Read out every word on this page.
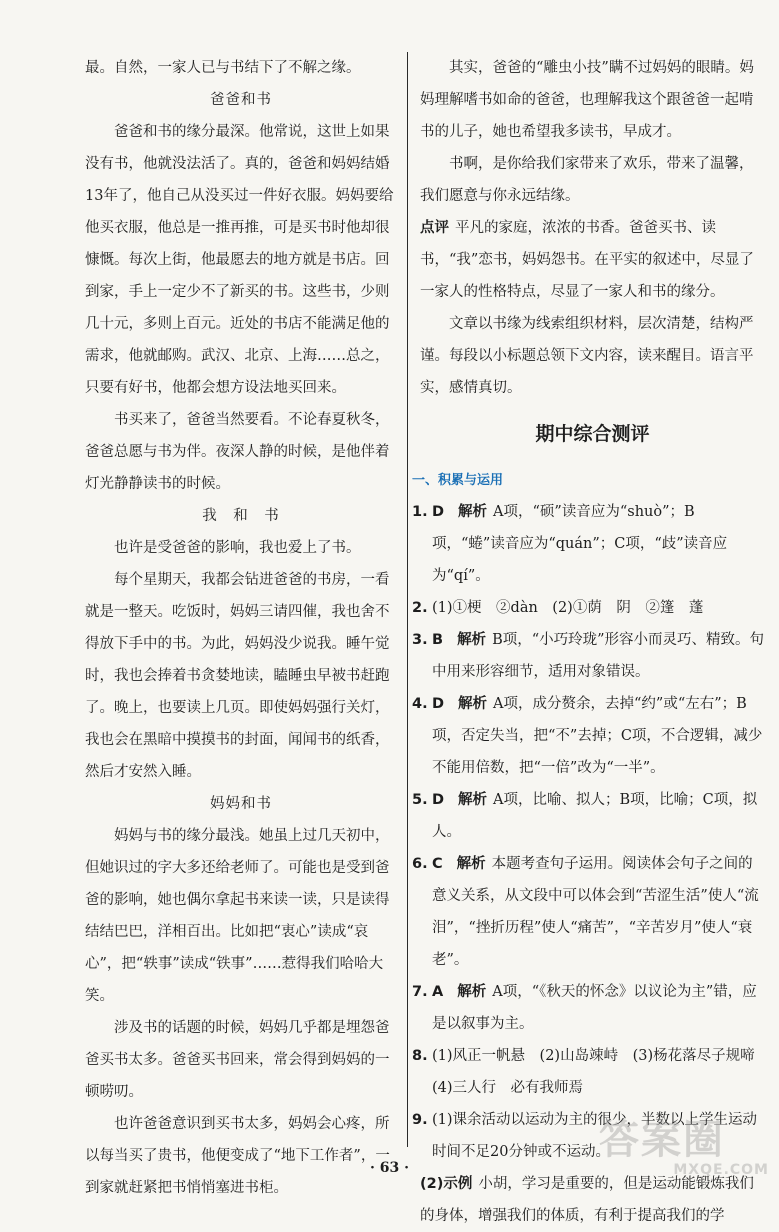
最。自然，一家人已与书结下了不解之缘。

爸爸和书

爸爸和书的缘分最深。他常说，这世上如果没有书，他就没法活了。真的，爸爸和妈妈结婚13年了，他自己从没买过一件好衣服。妈妈要给他买衣服，他总是一推再推，可是买书时他却很慷慨。每次上街，他最愿去的地方就是书店。回到家，手上一定少不了新买的书。这些书，少则几十元，多则上百元。近处的书店不能满足他的需求，他就邮购。武汉、北京、上海……总之，只要有好书，他都会想方设法地买回来。

书买来了，爸爸当然要看。不论春夏秋冬，爸爸总愿与书为伴。夜深人静的时候，是他伴着灯光静静读书的时候。

我　和　书

也许是受爸爸的影响，我也爱上了书。

每个星期天，我都会钻进爸爸的书房，一看就是一整天。吃饭时，妈妈三请四催，我也舍不得放下手中的书。为此，妈妈没少说我。睡午觉时，我也会捧着书贪婪地读，瞌睡虫早被书赶跑了。晚上，也要读上几页。即使妈妈强行关灯，我也会在黑暗中摸摸书的封面，闻闻书的纸香，然后才安然入睡。

妈妈和书

妈妈与书的缘分最浅。她虽上过几天初中，但她识过的字大多还给老师了。可能也是受到爸爸的影响，她也偶尔拿起书来读一读，只是读得结结巴巴，洋相百出。比如把“衷心”读成“哀心”，把“轶事”读成“铁事”……惹得我们哈哈大笑。

涉及书的话题的时候，妈妈几乎都是埋怨爸爸买书太多。爸爸买书回来，常会得到妈妈的一顿唠叨。

也许爸爸意识到买书太多，妈妈会心疼，所以每当买了贵书，他便变成了“地下工作者”，一到家就赶紧把书悄悄塞进书柜。

其实，爸爸的“雕虫小技”瞒不过妈妈的眼睛。妈妈理解嗜书如命的爸爸，也理解我这个跟爸爸一起啃书的儿子，她也希望我多读书，早成才。

书啊，是你给我们家带来了欢乐，带来了温馨，我们愿意与你永远结缘。

点评 平凡的家庭，浓浓的书香。爸爸买书、读书，“我”恋书，妈妈怨书。在平实的叙述中，尽显了一家人的性格特点，尽显了一家人和书的缘分。

文章以书缘为线索组织材料，层次清楚，结构严谨。每段以小标题总领下文内容，读来醒目。语言平实，感情真切。

期中综合测评
一、积累与运用
1. D 解析 A项，“硕”读音应为“shuò”；B项，“蜷”读音应为“quán”；C项，“歧”读音应为“qí”。
2. (1)①梗　②dàn　(2)①荫　阴　②篷　蓬
3. B 解析 B项，“小巧玲珑”形容小而灵巧、精致。句中用来形容细节，适用对象错误。
4. D 解析 A项，成分赘余，去掉“约”或“左右”；B项，否定失当，把“不”去掉；C项，不合逻辑，减少不能用倍数，把“一倍”改为“一半”。
5. D 解析 A项，比喻、拟人；B项，比喻；C项，拟人。
6. C 解析 本题考查句子运用。阅读体会句子之间的意义关系，从文段中可以体会到“苦涩生活”使人“流泪”，“挫折历程”使人“痛苦”，“辛苦岁月”使人“衰老”。
7. A 解析 A项，“《秋天的怀念》以议论为主”错，应是以叙事为主。
8. (1)风正一帆悬　(2)山岛竦峙　(3)杨花落尽子规啼　(4)三人行　必有我师焉
9. (1)课余活动以运动为主的很少，半数以上学生运动时间不足20分钟或不运动。

(2)示例 小胡，学习是重要的，但是运动能锻炼我们的身体，增强我们的体质，有利于提高我们的学

· 63 ·
答案圈
MXQE.COM
